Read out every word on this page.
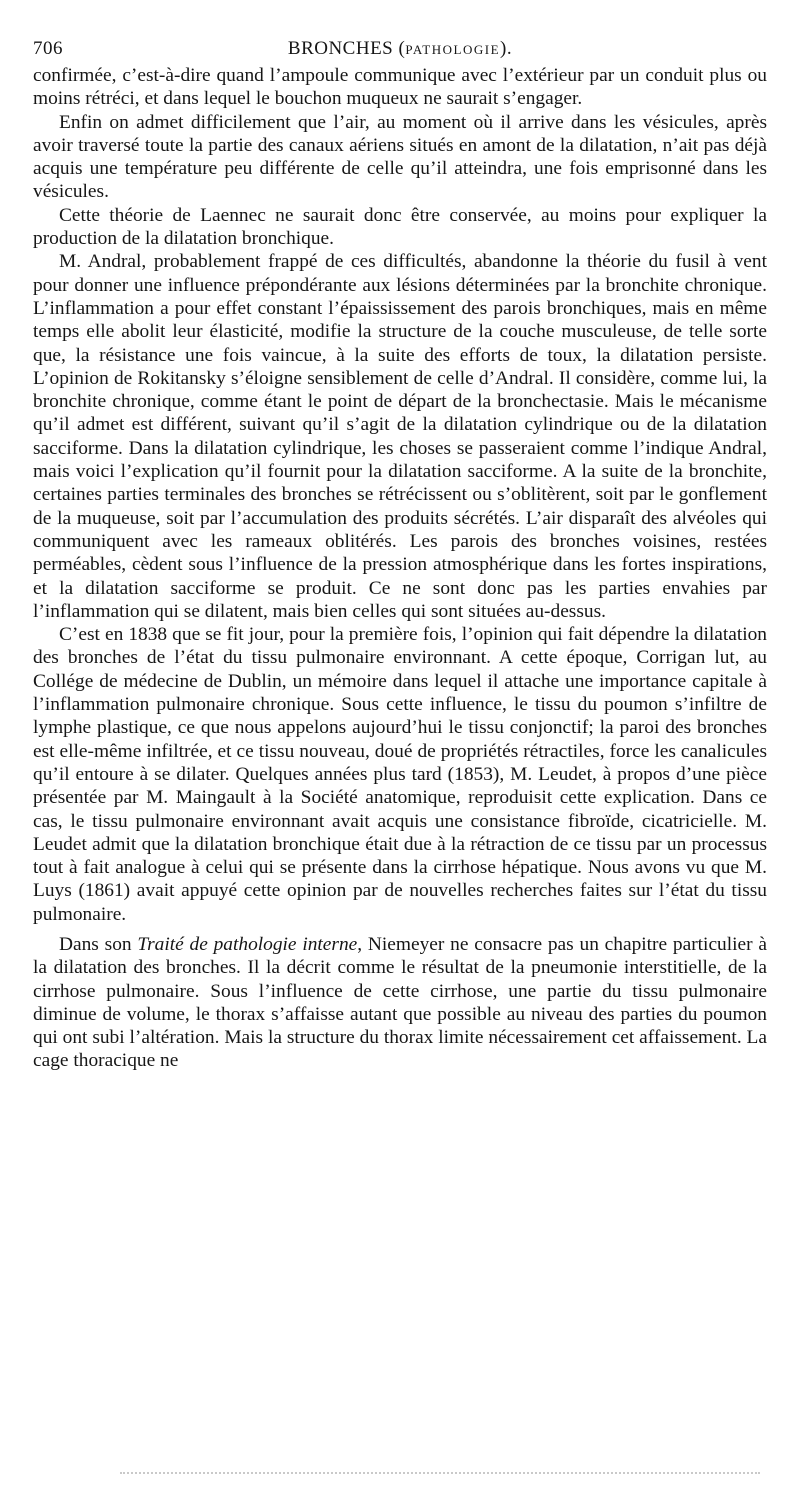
706	BRONCHES (PATHOLOGIE).

confirmée, c’est-à-dire quand l’ampoule communique avec l’extérieur par un conduit plus ou moins rétréci, et dans lequel le bouchon muqueux ne saurait s’engager.

Enfin on admet difficilement que l’air, au moment où il arrive dans les vésicules, après avoir traversé toute la partie des canaux aériens situés en amont de la dilatation, n’ait pas déjà acquis une température peu différente de celle qu’il atteindra, une fois emprisonné dans les vésicules.

Cette théorie de Laennec ne saurait donc être conservée, au moins pour expliquer la production de la dilatation bronchique.

M. Andral, probablement frappé de ces difficultés, abandonne la théorie du fusil à vent pour donner une influence prépondérante aux lésions déterminées par la bronchite chronique. L’inflammation a pour effet constant l’épaississement des parois bronchiques, mais en même temps elle abolit leur élasticité, modifie la structure de la couche musculeuse, de telle sorte que, la résistance une fois vaincue, à la suite des efforts de toux, la dilatation persiste. L’opinion de Rokitansky s’éloigne sensiblement de celle d’Andral. Il considère, comme lui, la bronchite chronique, comme étant le point de départ de la bronchectasie. Mais le mécanisme qu’il admet est différent, suivant qu’il s’agit de la dilatation cylindrique ou de la dilatation sacciforme. Dans la dilatation cylindrique, les choses se passeraient comme l’indique Andral, mais voici l’explication qu’il fournit pour la dilatation sacciforme. A la suite de la bronchite, certaines parties terminales des bronches se rétrécissent ou s’oblitèrent, soit par le gonflement de la muqueuse, soit par l’accumulation des produits sécrétés. L’air disparaît des alvéoles qui communiquent avec les rameaux oblitérés. Les parois des bronches voisines, restées perméables, cèdent sous l’influence de la pression atmosphérique dans les fortes inspirations, et la dilatation sacciforme se produit. Ce ne sont donc pas les parties envahies par l’inflammation qui se dilatent, mais bien celles qui sont situées au-dessus.

C’est en 1838 que se fit jour, pour la première fois, l’opinion qui fait dépendre la dilatation des bronches de l’état du tissu pulmonaire environnant. A cette époque, Corrigan lut, au Collége de médecine de Dublin, un mémoire dans lequel il attache une importance capitale à l’inflammation pulmonaire chronique. Sous cette influence, le tissu du poumon s’infiltre de lymphe plastique, ce que nous appelons aujourd’hui le tissu conjonctif; la paroi des bronches est elle-même infiltrée, et ce tissu nouveau, doué de propriétés rétractiles, force les canalicules qu’il entoure à se dilater. Quelques années plus tard (1853), M. Leudet, à propos d’une pièce présentée par M. Maingault à la Société anatomique, reproduisit cette explication. Dans ce cas, le tissu pulmonaire environnant avait acquis une consistance fibroïde, cicatricielle. M. Leudet admit que la dilatation bronchique était due à la rétraction de ce tissu par un processus tout à fait analogue à celui qui se présente dans la cirrhose hépatique. Nous avons vu que M. Luys (1861) avait appuyé cette opinion par de nouvelles recherches faites sur l’état du tissu pulmonaire.

Dans son Traité de pathologie interne, Niemeyer ne consacre pas un chapitre particulier à la dilatation des bronches. Il la décrit comme le résultat de la pneumonie interstitielle, de la cirrhose pulmonaire. Sous l’influence de cette cirrhose, une partie du tissu pulmonaire diminue de volume, le thorax s’affaisse autant que possible au niveau des parties du poumon qui ont subi l’altération. Mais la structure du thorax limite nécessairement cet affaissement. La cage thoracique ne
